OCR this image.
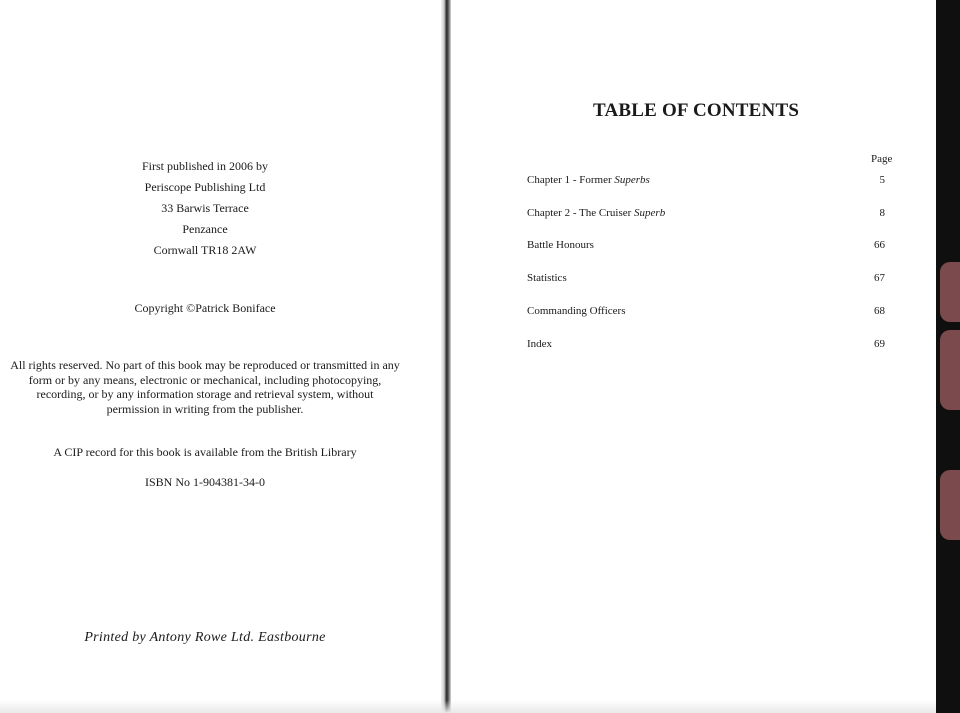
First published in 2006 by
Periscope Publishing Ltd
33 Barwis Terrace
Penzance
Cornwall TR18 2AW
Copyright ©Patrick Boniface
All rights reserved. No part of this book may be reproduced or transmitted in any
form or by any means, electronic or mechanical, including photocopying,
recording, or by any information storage and retrieval system, without
permission in writing from the publisher.
A CIP record for this book is available from the British Library
ISBN No 1-904381-34-0
Printed by Antony Rowe Ltd. Eastbourne
TABLE OF CONTENTS
Page
Chapter 1 - Former Superbs	5
Chapter 2 - The Cruiser Superb	8
Battle Honours	66
Statistics	67
Commanding Officers	68
Index	69
